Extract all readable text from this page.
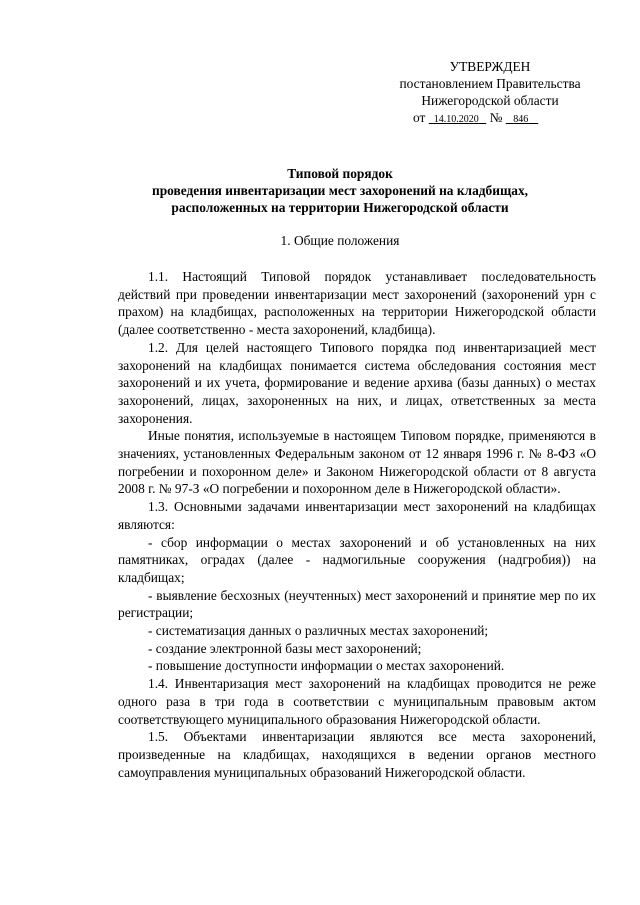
УТВЕРЖДЕН
постановлением Правительства
Нижегородской области
от 14.10.2020 № 846
Типовой порядок
проведения инвентаризации мест захоронений на кладбищах,
расположенных на территории Нижегородской области
1. Общие положения

1.1. Настоящий Типовой порядок устанавливает последовательность действий при проведении инвентаризации мест захоронений (захоронений урн с прахом) на кладбищах, расположенных на территории Нижегородской области (далее соответственно - места захоронений, кладбища).

1.2. Для целей настоящего Типового порядка под инвентаризацией мест захоронений на кладбищах понимается система обследования состояния мест захоронений и их учета, формирование и ведение архива (базы данных) о местах захоронений, лицах, захороненных на них, и лицах, ответственных за места захоронения.

Иные понятия, используемые в настоящем Типовом порядке, применяются в значениях, установленных Федеральным законом от 12 января 1996 г. № 8-ФЗ «О погребении и похоронном деле» и Законом Нижегородской области от 8 августа 2008 г. № 97-З «О погребении и похоронном деле в Нижегородской области».

1.3. Основными задачами инвентаризации мест захоронений на кладбищах являются:

- сбор информации о местах захоронений и об установленных на них памятниках, оградах (далее - надмогильные сооружения (надгробия)) на кладбищах;

- выявление бесхозных (неучтенных) мест захоронений и принятие мер по их регистрации;

- систематизация данных о различных местах захоронений;

- создание электронной базы мест захоронений;

- повышение доступности информации о местах захоронений.

1.4. Инвентаризация мест захоронений на кладбищах проводится не реже одного раза в три года в соответствии с муниципальным правовым актом соответствующего муниципального образования Нижегородской области.

1.5. Объектами инвентаризации являются все места захоронений, произведенные на кладбищах, находящихся в ведении органов местного самоуправления муниципальных образований Нижегородской области.
